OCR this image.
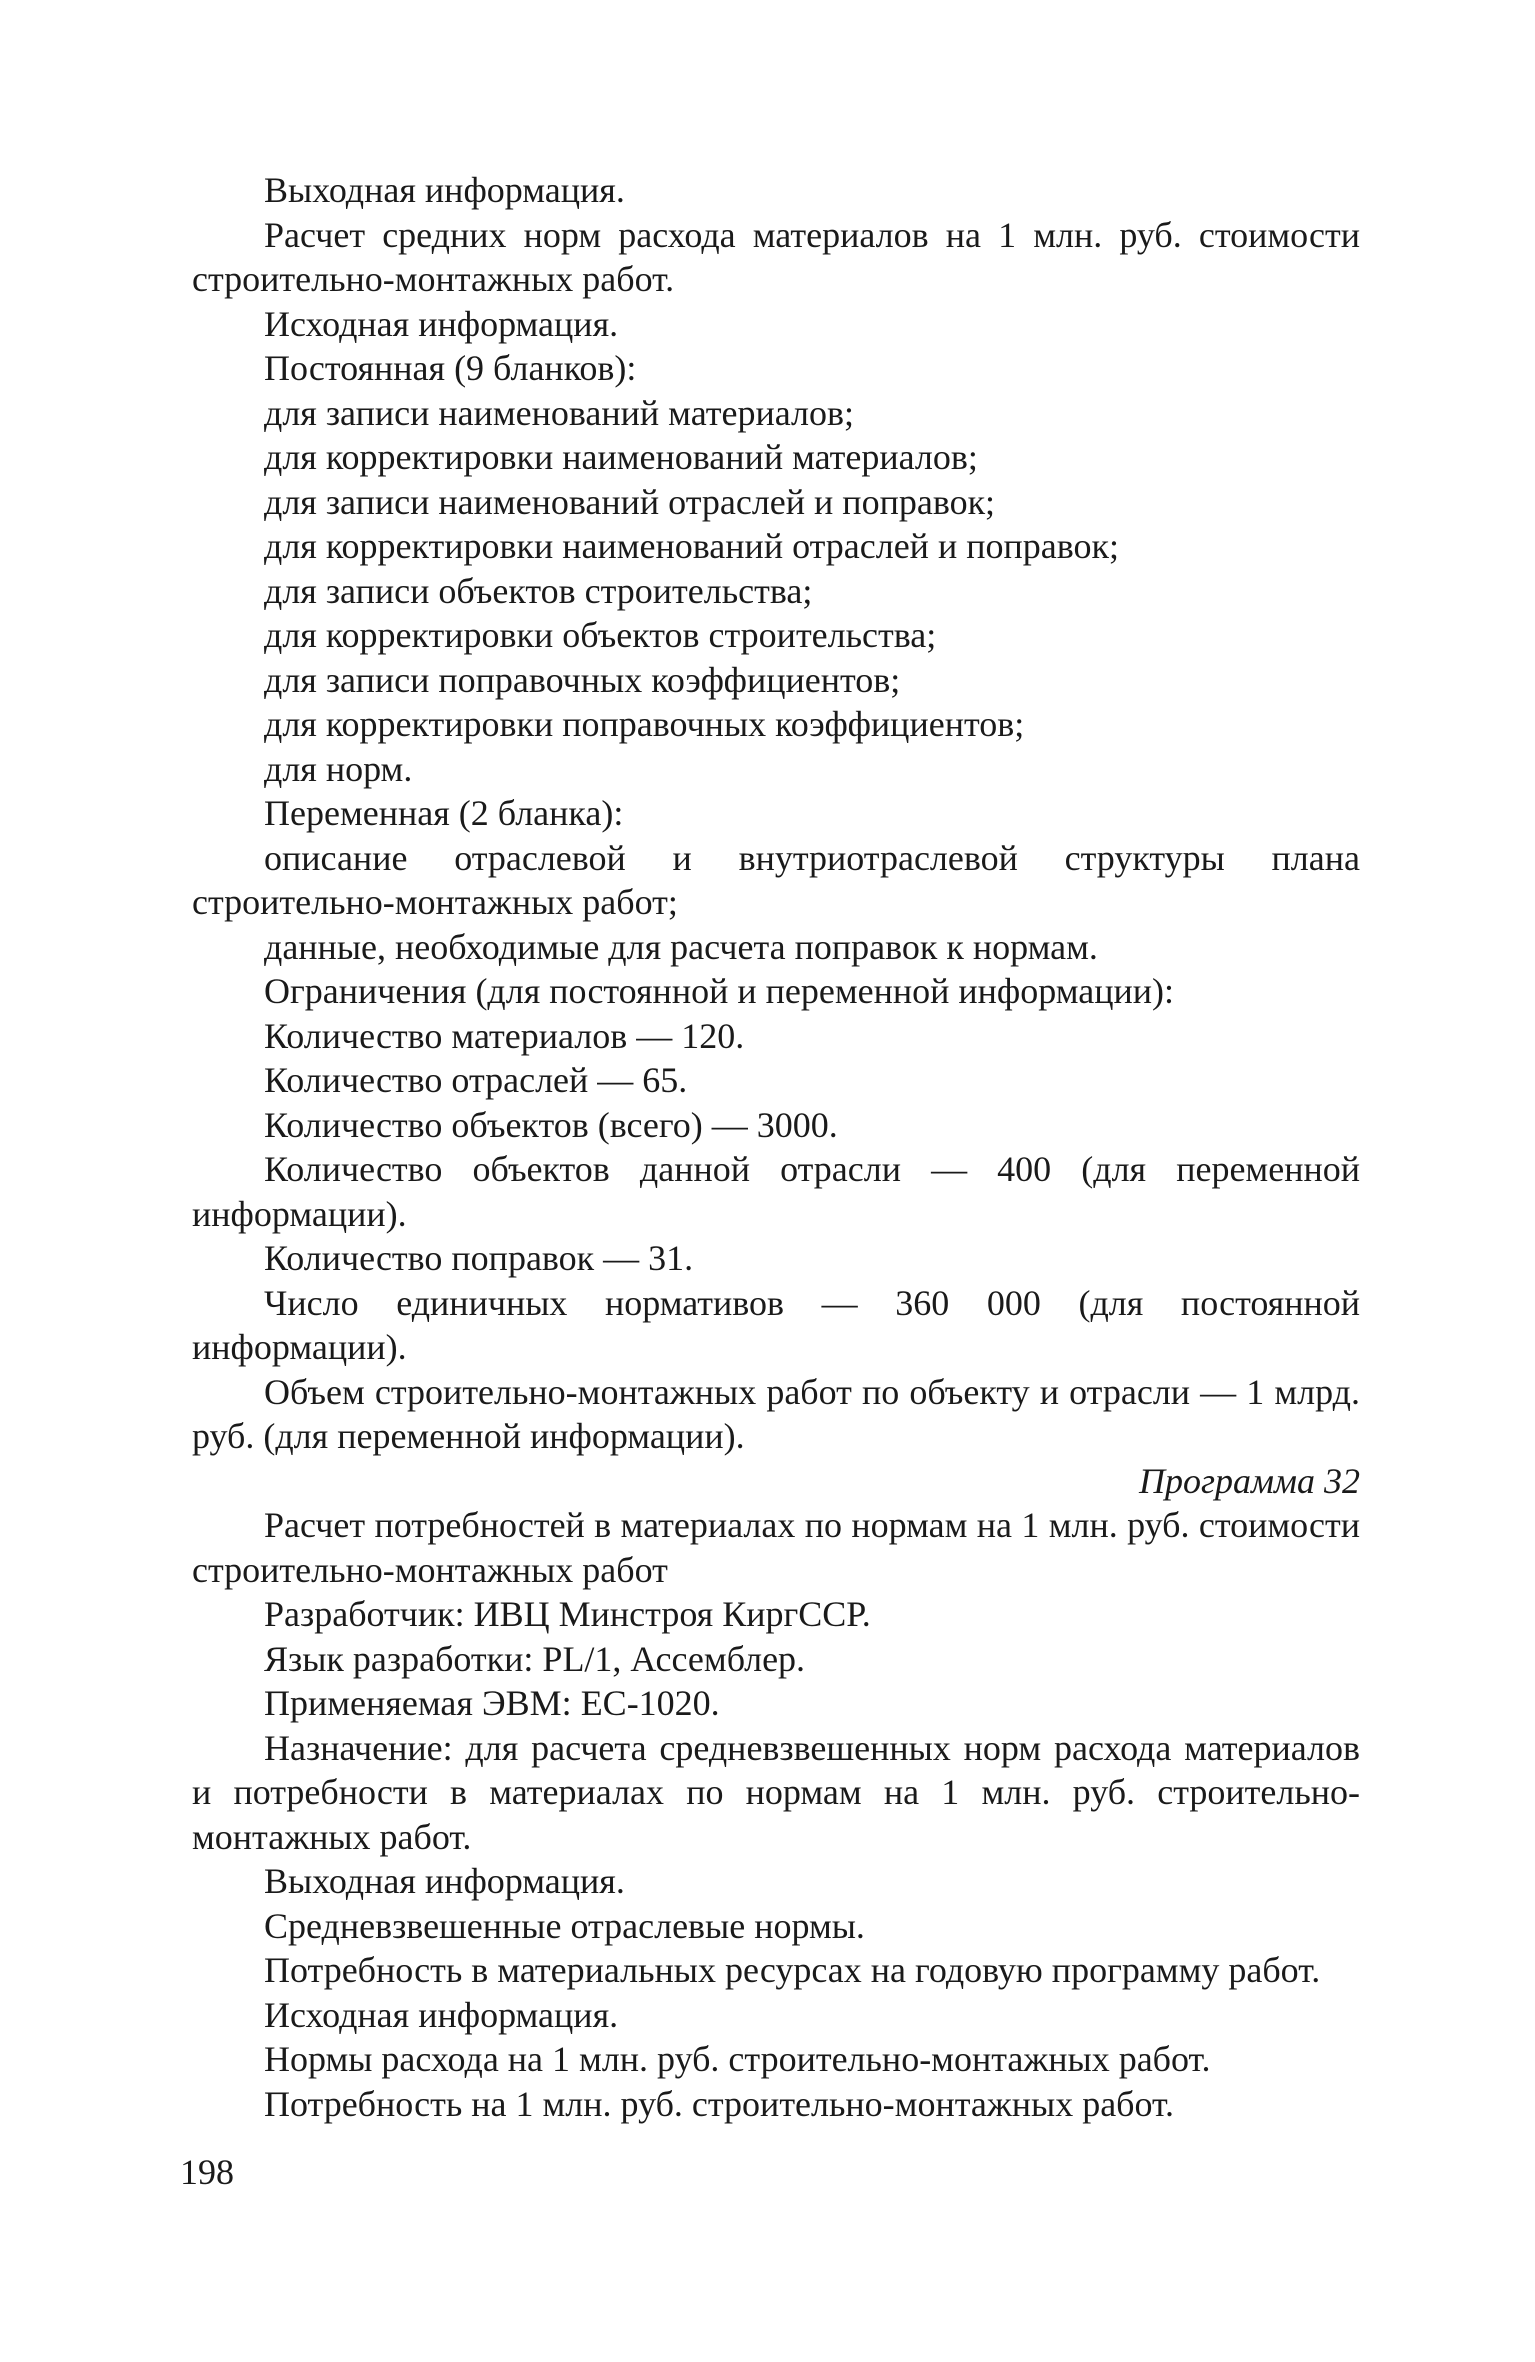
Выходная информация.

Расчет средних норм расхода материалов на 1 млн. руб. стоимости строительно-монтажных работ.

Исходная информация.

Постоянная (9 бланков):

для записи наименований материалов;

для корректировки наименований материалов;

для записи наименований отраслей и поправок;

для корректировки наименований отраслей и поправок;

для записи объектов строительства;

для корректировки объектов строительства;

для записи поправочных коэффициентов;

для корректировки поправочных коэффициентов;

для норм.

Переменная (2 бланка):

описание отраслевой и внутриотраслевой структуры плана строительно-монтажных работ;

данные, необходимые для расчета поправок к нормам.

Ограничения (для постоянной и переменной информации):

Количество материалов — 120.

Количество отраслей — 65.

Количество объектов (всего) — 3000.

Количество объектов данной отрасли — 400 (для переменной информации).

Количество поправок — 31.

Число единичных нормативов — 360 000 (для постоянной информации).

Объем строительно-монтажных работ по объекту и отрасли — 1 млрд. руб. (для переменной информации).

Программа 32

Расчет потребностей в материалах по нормам на 1 млн. руб. стоимости строительно-монтажных работ

Разработчик: ИВЦ Минстроя КиргССР.

Язык разработки: PL/1, Ассемблер.

Применяемая ЭВМ: ЕС-1020.

Назначение: для расчета средневзвешенных норм расхода материалов и потребности в материалах по нормам на 1 млн. руб. строительно-монтажных работ.

Выходная информация.

Средневзвешенные отраслевые нормы.

Потребность в материальных ресурсах на годовую программу работ.

Исходная информация.

Нормы расхода на 1 млн. руб. строительно-монтажных работ.

Потребность на 1 млн. руб. строительно-монтажных работ.

198
